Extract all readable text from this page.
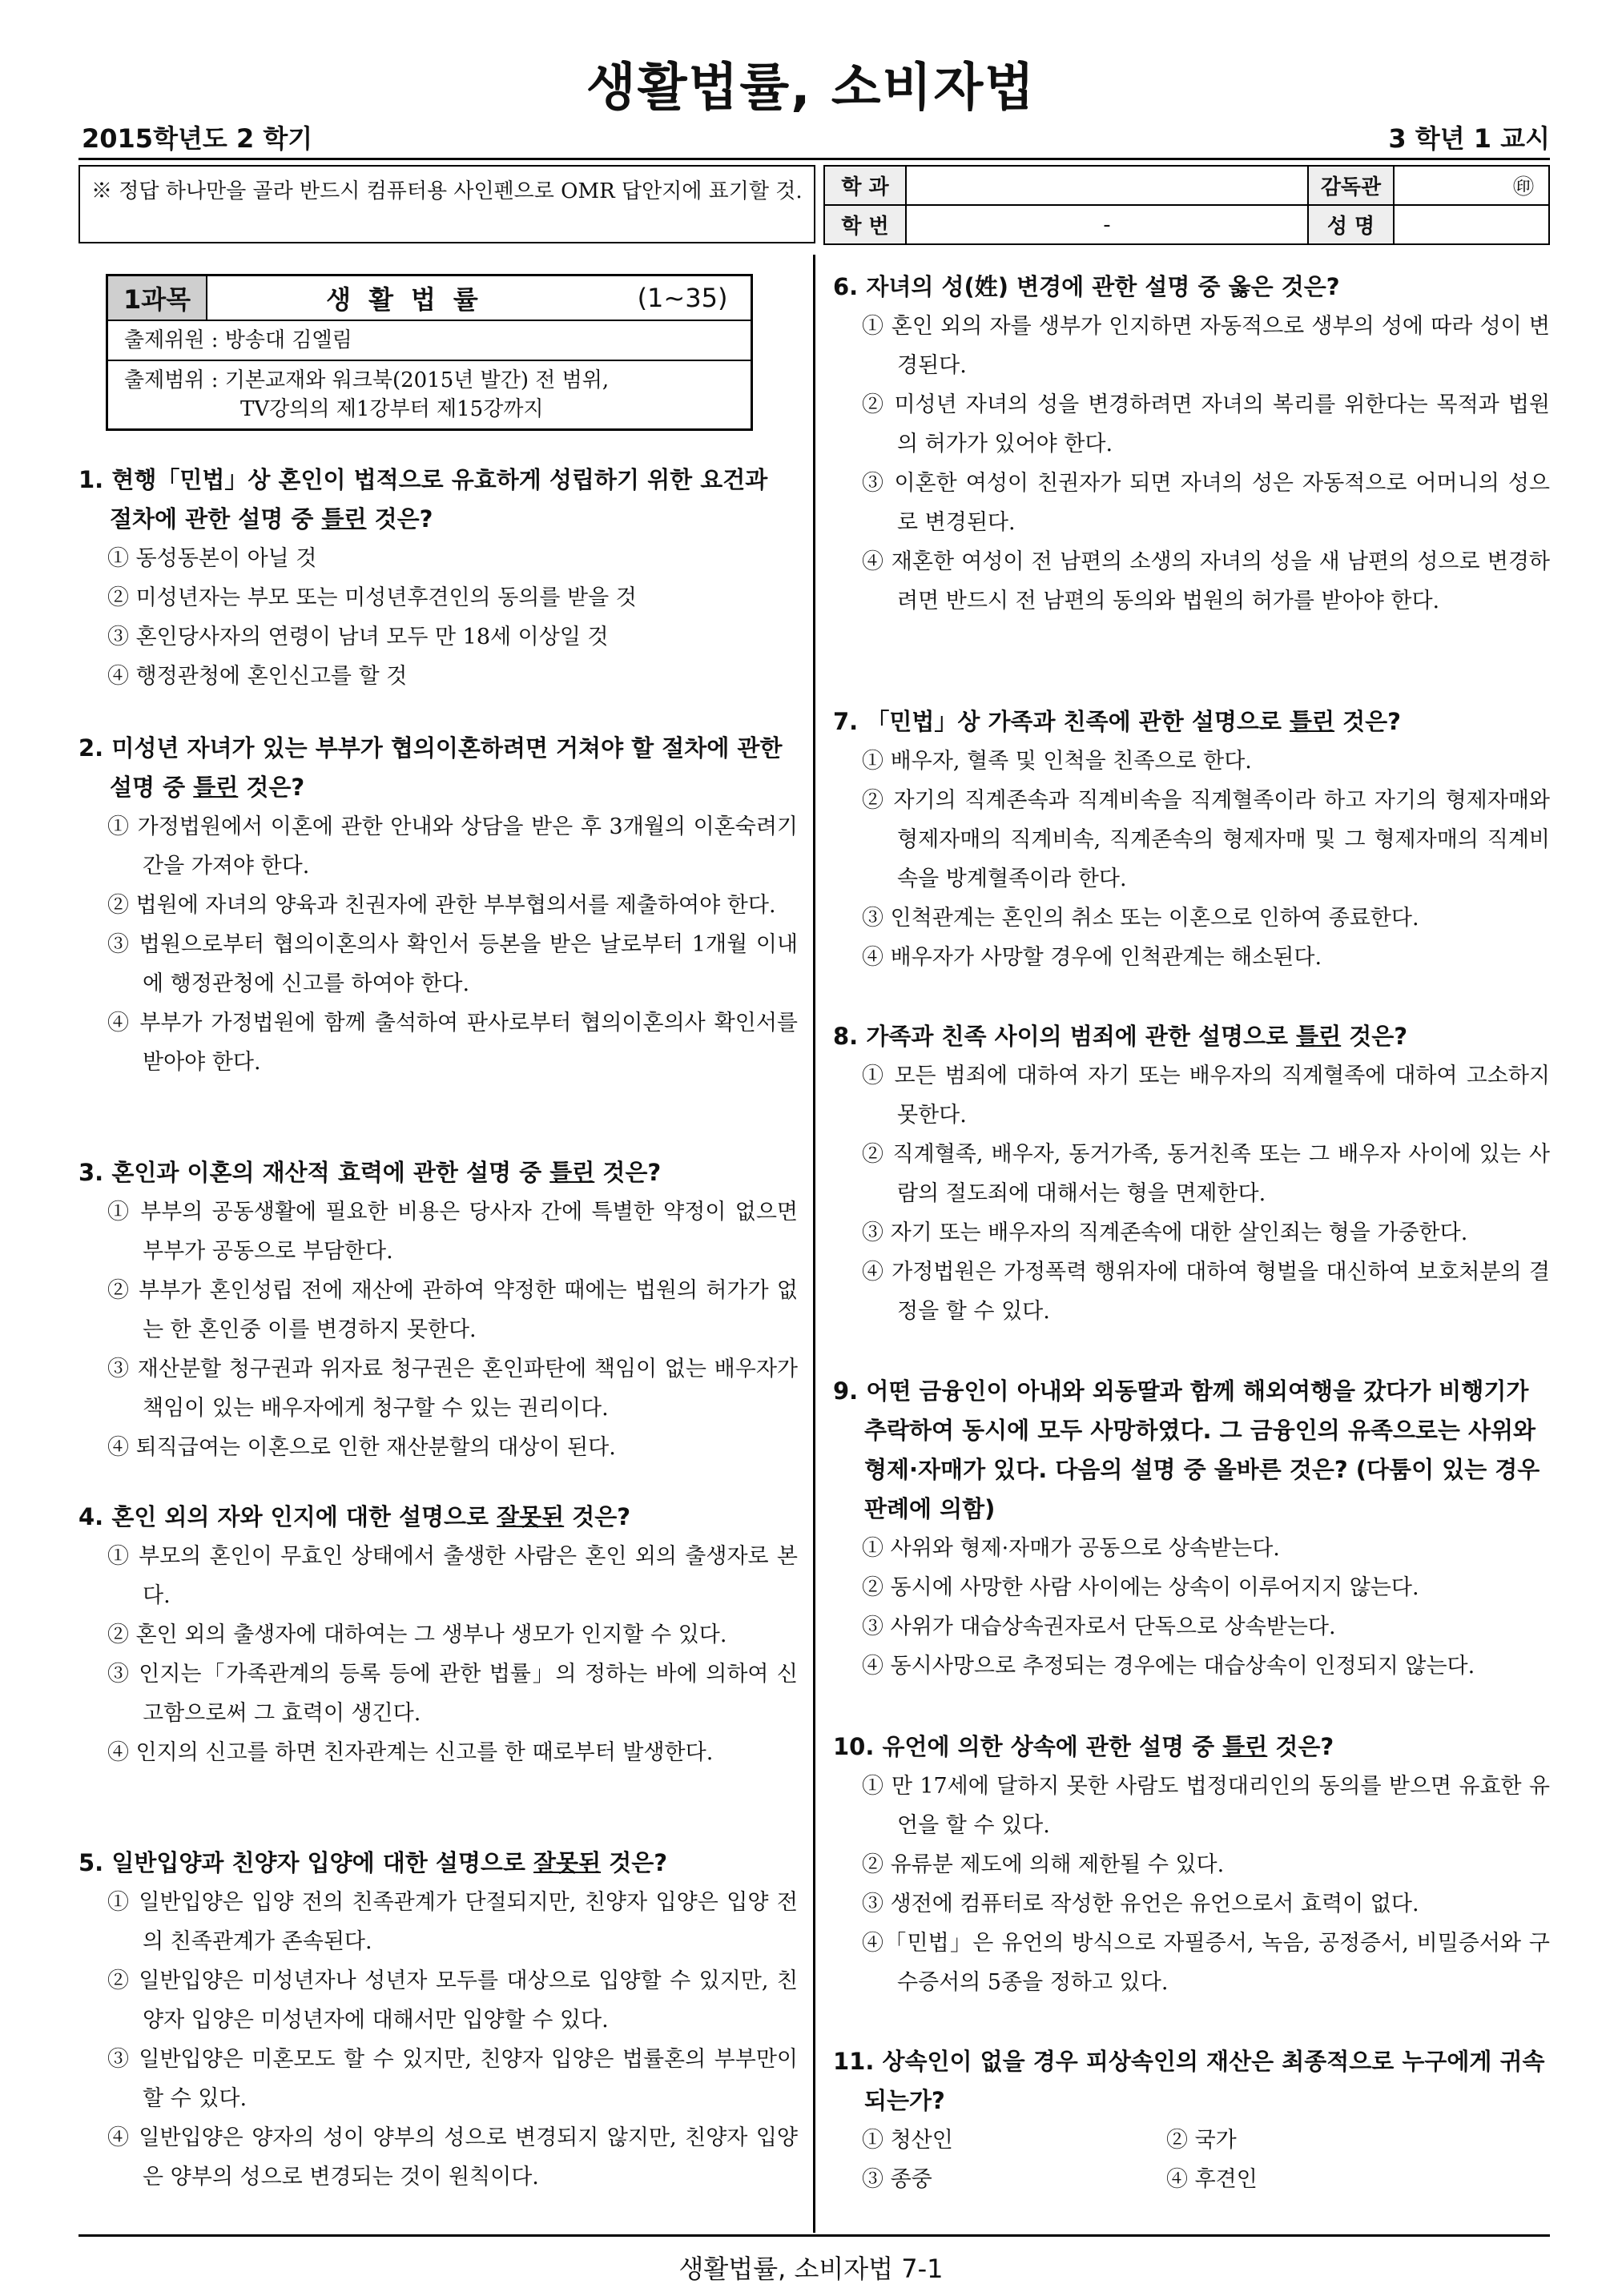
생활법률, 소비자법
2015학년도 2 학기	3 학년 1 교시
※ 정답 하나만을 골라 반드시 컴퓨터용 사인펜으로 OMR 답안지에 표기할 것.	학 과		감독관	㊞
학 번	-	성 명	
1과목	생활법률	(1~35)
출제위원 : 방송대 김엘림
출제범위 : 기본교재와 워크북(2015년 발간) 전 범위,
TV강의의 제1강부터 제15강까지
1. 현행「민법」상 혼인이 법적으로 유효하게 성립하기 위한 요건과 절차에 관한 설명 중 틀린 것은?
① 동성동본이 아닐 것
② 미성년자는 부모 또는 미성년후견인의 동의를 받을 것
③ 혼인당사자의 연령이 남녀 모두 만 18세 이상일 것
④ 행정관청에 혼인신고를 할 것
2. 미성년 자녀가 있는 부부가 협의이혼하려면 거쳐야 할 절차에 관한 설명 중 틀린 것은?
① 가정법원에서 이혼에 관한 안내와 상담을 받은 후 3개월의 이혼숙려기간을 가져야 한다.
② 법원에 자녀의 양육과 친권자에 관한 부부협의서를 제출하여야 한다.
③ 법원으로부터 협의이혼의사 확인서 등본을 받은 날로부터 1개월 이내에 행정관청에 신고를 하여야 한다.
④ 부부가 가정법원에 함께 출석하여 판사로부터 협의이혼의사 확인서를 받아야 한다.
3. 혼인과 이혼의 재산적 효력에 관한 설명 중 틀린 것은?
① 부부의 공동생활에 필요한 비용은 당사자 간에 특별한 약정이 없으면 부부가 공동으로 부담한다.
② 부부가 혼인성립 전에 재산에 관하여 약정한 때에는 법원의 허가가 없는 한 혼인중 이를 변경하지 못한다.
③ 재산분할 청구권과 위자료 청구권은 혼인파탄에 책임이 없는 배우자가 책임이 있는 배우자에게 청구할 수 있는 권리이다.
④ 퇴직급여는 이혼으로 인한 재산분할의 대상이 된다.
4. 혼인 외의 자와 인지에 대한 설명으로 잘못된 것은?
① 부모의 혼인이 무효인 상태에서 출생한 사람은 혼인 외의 출생자로 본다.
② 혼인 외의 출생자에 대하여는 그 생부나 생모가 인지할 수 있다.
③ 인지는「가족관계의 등록 등에 관한 법률」의 정하는 바에 의하여 신고함으로써 그 효력이 생긴다.
④ 인지의 신고를 하면 친자관계는 신고를 한 때로부터 발생한다.
5. 일반입양과 친양자 입양에 대한 설명으로 잘못된 것은?
① 일반입양은 입양 전의 친족관계가 단절되지만, 친양자 입양은 입양 전의 친족관계가 존속된다.
② 일반입양은 미성년자나 성년자 모두를 대상으로 입양할 수 있지만, 친양자 입양은 미성년자에 대해서만 입양할 수 있다.
③ 일반입양은 미혼모도 할 수 있지만, 친양자 입양은 법률혼의 부부만이 할 수 있다.
④ 일반입양은 양자의 성이 양부의 성으로 변경되지 않지만, 친양자 입양은 양부의 성으로 변경되는 것이 원칙이다.
6. 자녀의 성(姓) 변경에 관한 설명 중 옳은 것은?
① 혼인 외의 자를 생부가 인지하면 자동적으로 생부의 성에 따라 성이 변경된다.
② 미성년 자녀의 성을 변경하려면 자녀의 복리를 위한다는 목적과 법원의 허가가 있어야 한다.
③ 이혼한 여성이 친권자가 되면 자녀의 성은 자동적으로 어머니의 성으로 변경된다.
④ 재혼한 여성이 전 남편의 소생의 자녀의 성을 새 남편의 성으로 변경하려면 반드시 전 남편의 동의와 법원의 허가를 받아야 한다.
7. 「민법」상 가족과 친족에 관한 설명으로 틀린 것은?
① 배우자, 혈족 및 인척을 친족으로 한다.
② 자기의 직계존속과 직계비속을 직계혈족이라 하고 자기의 형제자매와 형제자매의 직계비속, 직계존속의 형제자매 및 그 형제자매의 직계비속을 방계혈족이라 한다.
③ 인척관계는 혼인의 취소 또는 이혼으로 인하여 종료한다.
④ 배우자가 사망할 경우에 인척관계는 해소된다.
8. 가족과 친족 사이의 범죄에 관한 설명으로 틀린 것은?
① 모든 범죄에 대하여 자기 또는 배우자의 직계혈족에 대하여 고소하지 못한다.
② 직계혈족, 배우자, 동거가족, 동거친족 또는 그 배우자 사이에 있는 사람의 절도죄에 대해서는 형을 면제한다.
③ 자기 또는 배우자의 직계존속에 대한 살인죄는 형을 가중한다.
④ 가정법원은 가정폭력 행위자에 대하여 형벌을 대신하여 보호처분의 결정을 할 수 있다.
9. 어떤 금융인이 아내와 외동딸과 함께 해외여행을 갔다가 비행기가 추락하여 동시에 모두 사망하였다. 그 금융인의 유족으로는 사위와 형제·자매가 있다. 다음의 설명 중 올바른 것은? (다툼이 있는 경우 판례에 의함)
① 사위와 형제·자매가 공동으로 상속받는다.
② 동시에 사망한 사람 사이에는 상속이 이루어지지 않는다.
③ 사위가 대습상속권자로서 단독으로 상속받는다.
④ 동시사망으로 추정되는 경우에는 대습상속이 인정되지 않는다.
10. 유언에 의한 상속에 관한 설명 중 틀린 것은?
① 만 17세에 달하지 못한 사람도 법정대리인의 동의를 받으면 유효한 유언을 할 수 있다.
② 유류분 제도에 의해 제한될 수 있다.
③ 생전에 컴퓨터로 작성한 유언은 유언으로서 효력이 없다.
④「민법」은 유언의 방식으로 자필증서, 녹음, 공정증서, 비밀증서와 구수증서의 5종을 정하고 있다.
11. 상속인이 없을 경우 피상속인의 재산은 최종적으로 누구에게 귀속되는가?
① 청산인	② 국가
③ 종중	④ 후견인
생활법률, 소비자법 7-1
